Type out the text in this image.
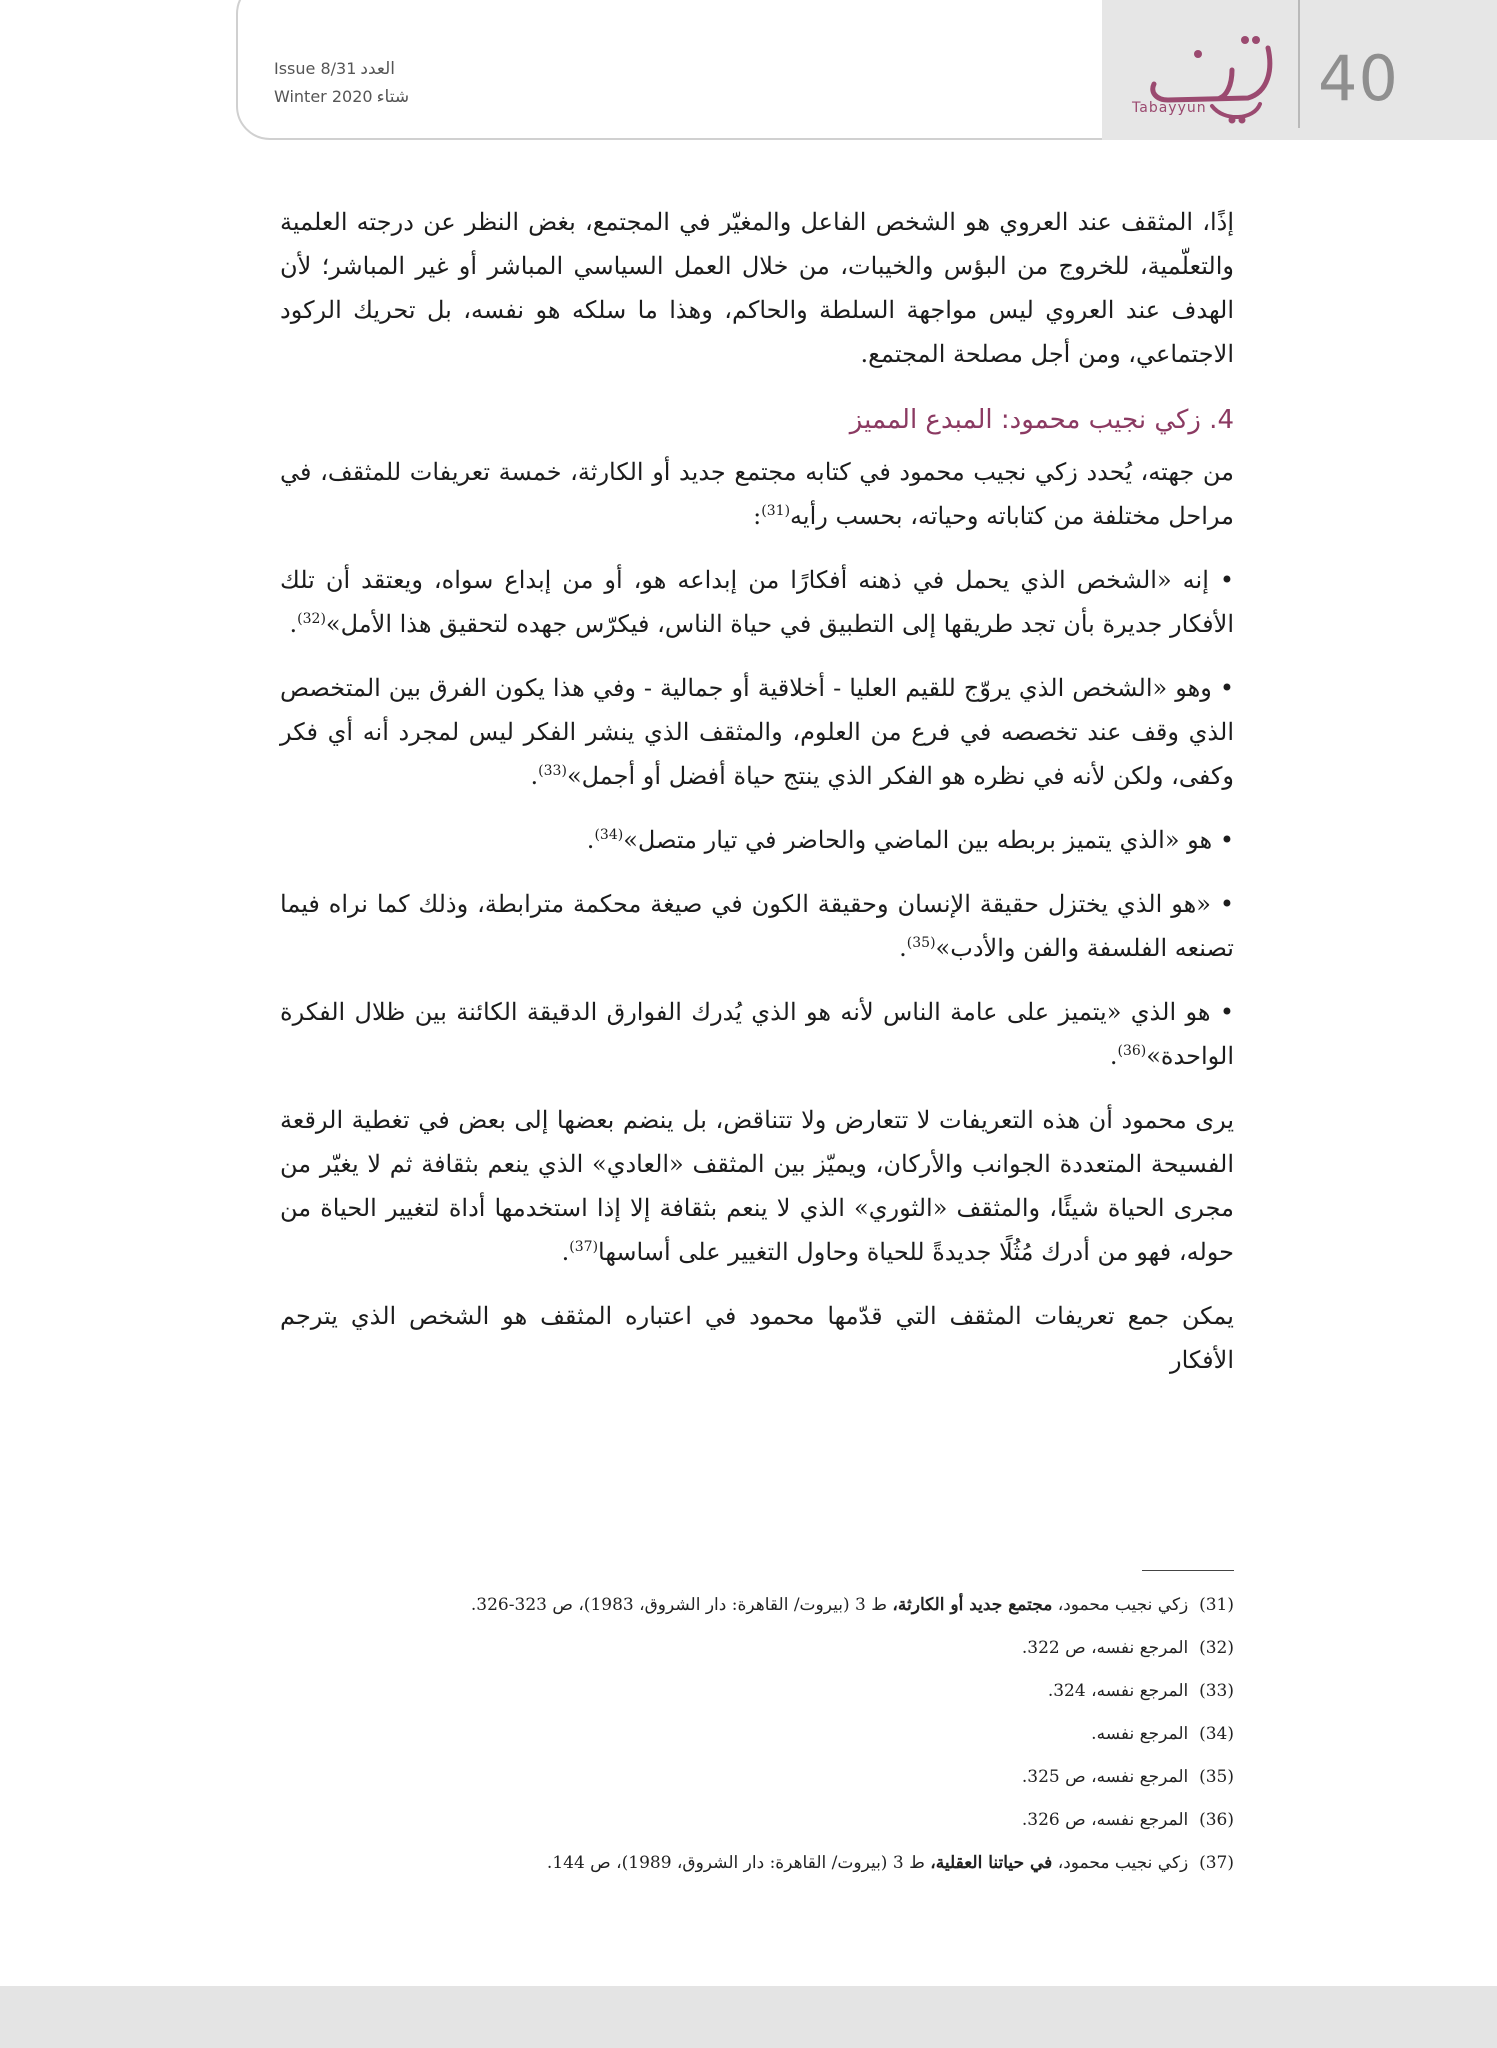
Issue 8/31 العدد
Winter 2020 شتاء
Tabayyun	40

إذًا، المثقف عند العروي هو الشخص الفاعل والمغيّر في المجتمع، بغض النظر عن درجته العلمية والتعلّمية، للخروج من البؤس والخيبات، من خلال العمل السياسي المباشر أو غير المباشر؛ لأن الهدف عند العروي ليس مواجهة السلطة والحاكم، وهذا ما سلكه هو نفسه، بل تحريك الركود الاجتماعي، ومن أجل مصلحة المجتمع.

4. زكي نجيب محمود: المبدع المميز

من جهته، يُحدد زكي نجيب محمود في كتابه مجتمع جديد أو الكارثة، خمسة تعريفات للمثقف، في مراحل مختلفة من كتاباته وحياته، بحسب رأيه$^{(31)}$:

• إنه «الشخص الذي يحمل في ذهنه أفكارًا من إبداعه هو، أو من إبداع سواه، ويعتقد أن تلك الأفكار جديرة بأن تجد طريقها إلى التطبيق في حياة الناس، فيكرّس جهده لتحقيق هذا الأمل»$^{(32)}$.

• وهو «الشخص الذي يروّج للقيم العليا - أخلاقية أو جمالية - وفي هذا يكون الفرق بين المتخصص الذي وقف عند تخصصه في فرع من العلوم، والمثقف الذي ينشر الفكر ليس لمجرد أنه أي فكر وكفى، ولكن لأنه في نظره هو الفكر الذي ينتج حياة أفضل أو أجمل»$^{(33)}$.

• هو «الذي يتميز بربطه بين الماضي والحاضر في تيار متصل»$^{(34)}$.

• «هو الذي يختزل حقيقة الإنسان وحقيقة الكون في صيغة محكمة مترابطة، وذلك كما نراه فيما تصنعه الفلسفة والفن والأدب»$^{(35)}$.

• هو الذي «يتميز على عامة الناس لأنه هو الذي يُدرك الفوارق الدقيقة الكائنة بين ظلال الفكرة الواحدة»$^{(36)}$.

يرى محمود أن هذه التعريفات لا تتعارض ولا تتناقض، بل ينضم بعضها إلى بعض في تغطية الرقعة الفسيحة المتعددة الجوانب والأركان، ويميّز بين المثقف «العادي» الذي ينعم بثقافة ثم لا يغيّر من مجرى الحياة شيئًا، والمثقف «الثوري» الذي لا ينعم بثقافة إلا إذا استخدمها أداة لتغيير الحياة من حوله، فهو من أدرك مُثُلًا جديدةً للحياة وحاول التغيير على أساسها$^{(37)}$.

يمكن جمع تعريفات المثقف التي قدّمها محمود في اعتباره المثقف هو الشخص الذي يترجم الأفكار

(31)  زكي نجيب محمود، مجتمع جديد أو الكارثة، ط 3 (بيروت/ القاهرة: دار الشروق، 1983)، ص 323-326.

(32)  المرجع نفسه، ص 322.

(33)  المرجع نفسه، 324.

(34)  المرجع نفسه.

(35)  المرجع نفسه، ص 325.

(36)  المرجع نفسه، ص 326.

(37)  زكي نجيب محمود، في حياتنا العقلية، ط 3 (بيروت/ القاهرة: دار الشروق، 1989)، ص 144.
